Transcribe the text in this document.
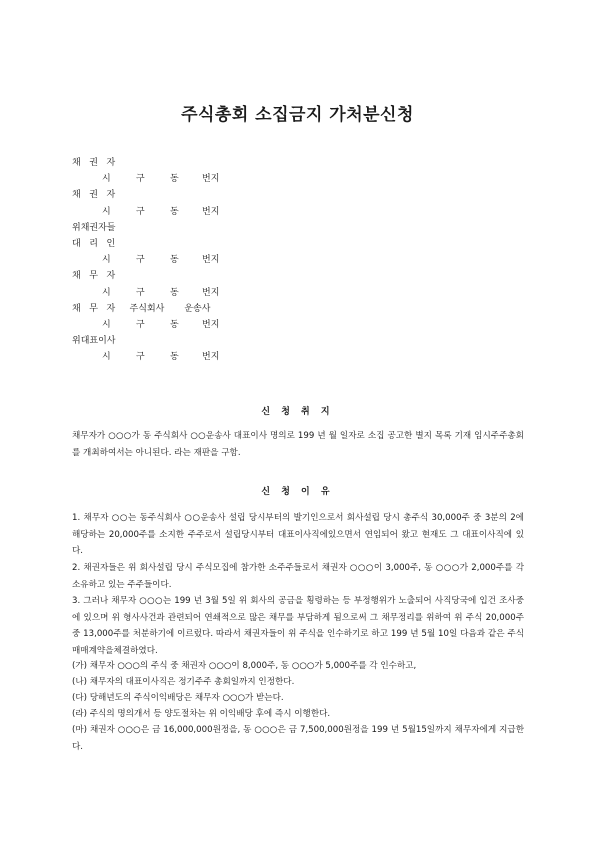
주식총회 소집금지 가처분신청
채   권   자
시	구	동	번지
채   권   자
시	구	동	번지
위채권자들
대   리   인
시	구	동	번지
채   무   자
시	구	동	번지
채   무   자     주식회사       운송사
시	구	동	번지
위대표이사
시	구	동	번지
신 청 취 지

채무자가 ○○○가 동 주식회사 ○○운송사 대표이사 명의로 199 년 월 일자로 소집 공고한 별지 목록 기재 임시주주총회를 개최하여서는 아니된다. 라는 재판을 구함.

신 청 이 유

1. 채무자 ○○는 동주식회사 ○○운송사 설립 당시부터의 발기인으로서 회사설립 당시 총주식 30,000주 중 3분의 2에 해당하는 20,000주를 소지한 주주로서 설립당시부터 대표이사직에있으면서 연임되어 왔고 현재도 그 대표이사직에 있다.

2. 채권자들은 위 회사설립 당시 주식모집에 참가한 소주주들로서 채권자 ○○○이 3,000주, 동 ○○○가 2,000주를 각 소유하고 있는 주주들이다.

3. 그러나 채무자 ○○○는 199 년 3월 5일 위 회사의 공금을 횡령하는 등 부정행위가 노출되어 사직당국에 입건 조사중에 있으며 위 형사사건과 관련되어 연쇄적으로 많은 채무를 부담하게 됨으로써 그 채무정리를 위하여 위 주식 20,000주 중 13,000주를 처분하기에 이르렀다. 따라서 채권자들이 위 주식을 인수하기로 하고 199 년 5월 10일 다음과 같은 주식매매계약을체결하였다.

(가) 채무자 ○○○의 주식 중 채권자 ○○○이 8,000주, 동 ○○○가 5,000주를 각 인수하고,
(나) 채무자의 대표이사직은 정기주주 총회일까지 인정한다.
(다) 당해년도의 주식이익배당은 채무자 ○○○가 받는다.
(라) 주식의 명의개서 등 양도절차는 위 이익배당 후에 즉시 이행한다.

(마) 채권자 ○○○은 금 16,000,000원정을, 동 ○○○은 금 7,500,000원정을 199 년 5월15일까지 채무자에게 지급한다.
